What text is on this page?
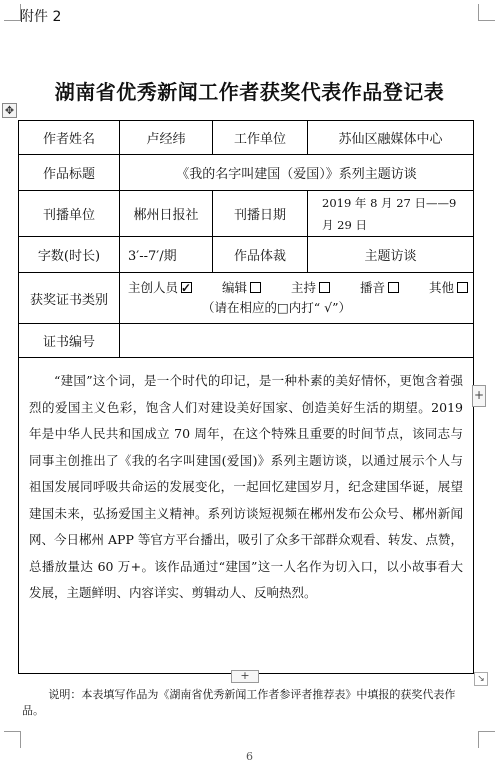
附件 2
湖南省优秀新闻工作者获奖代表作品登记表
✥
作者姓名	卢经纬	工作单位	苏仙区融媒体中心
作品标题	《我的名字叫建国（爱国）》系列主题访谈
刊播单位	郴州日报社	刊播日期
2019 年 8 月 27 日——9
月 29 日
字数(时长)	3′--7′/期	作品体裁	主题访谈
获奖证书类别
主创人员✓	编辑	主持	播音	其他
（请在相应的□内打“ √”）
证书编号
“建国”这个词，是一个时代的印记，是一种朴素的美好情怀，更饱含着强烈的爱国主义色彩，饱含人们对建设美好国家、创造美好生活的期望。2019 年是中华人民共和国成立 70 周年，在这个特殊且重要的时间节点，该同志与同事主创推出了《我的名字叫建国(爱国)》系列主题访谈，以通过展示个人与祖国发展同呼吸共命运的发展变化，一起回忆建国岁月，纪念建国华诞，展望建国未来，弘扬爱国主义精神。系列访谈短视频在郴州发布公众号、郴州新闻网、今日郴州 APP 等官方平台播出，吸引了众多干部群众观看、转发、点赞，总播放量达 60 万+。该作品通过“建国”这一人名作为切入口，以小故事看大发展，主题鲜明、内容详实、剪辑动人、反响热烈。
+
+	↘
说明：本表填写作品为《湖南省优秀新闻工作者参评者推荐表》中填报的获奖代表作品。
6
